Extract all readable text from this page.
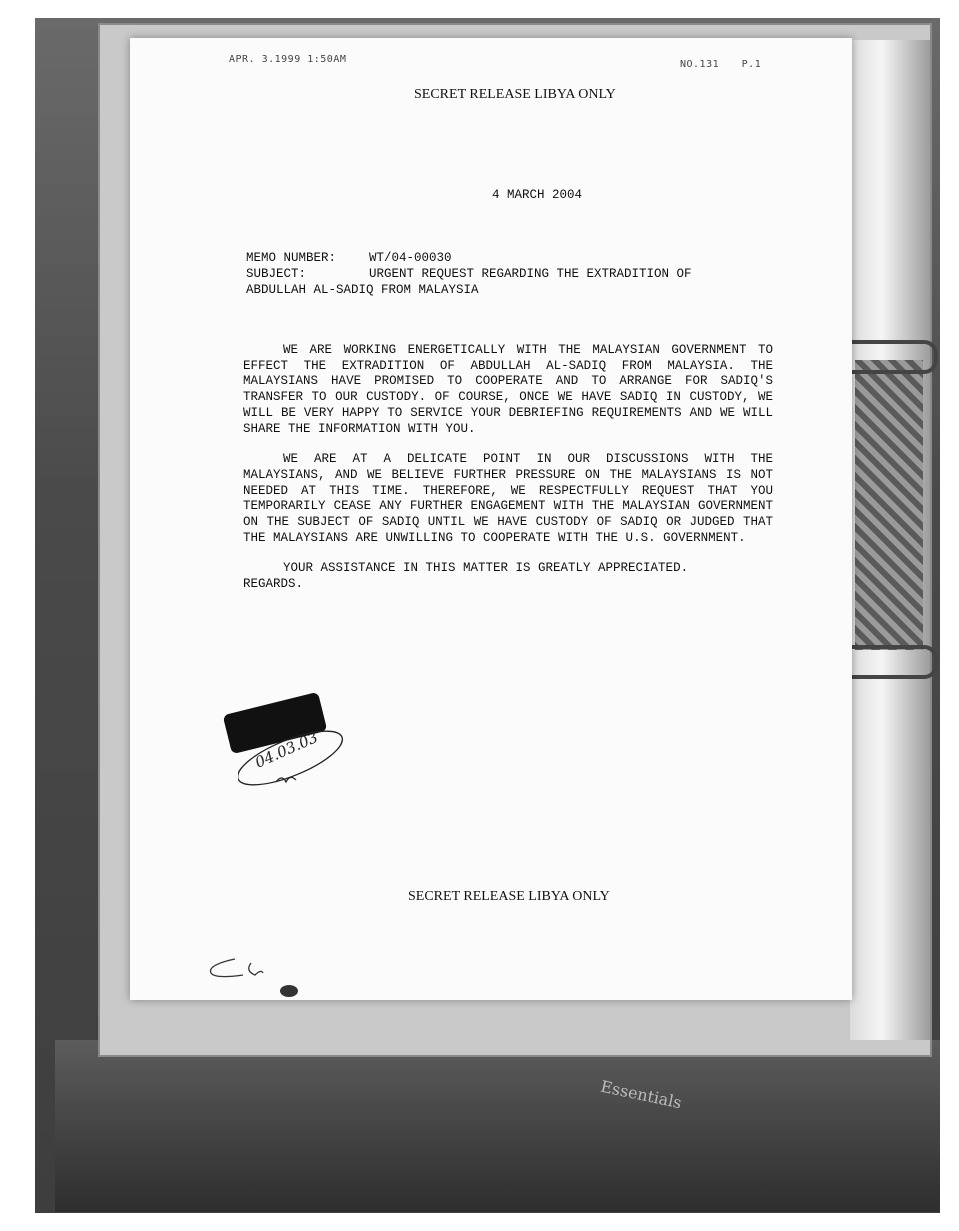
Essentials
APR. 3.1999 1:50AM	NO.131 P.1
SECRET RELEASE LIBYA ONLY
4 MARCH 2004
MEMO NUMBER:	WT/04-00030
SUBJECT:	URGENT REQUEST REGARDING THE EXTRADITION OF
ABDULLAH AL-SADIQ FROM MALAYSIA

WE ARE WORKING ENERGETICALLY WITH THE MALAYSIAN GOVERNMENT TO EFFECT THE EXTRADITION OF ABDULLAH AL-SADIQ FROM MALAYSIA. THE MALAYSIANS HAVE PROMISED TO COOPERATE AND TO ARRANGE FOR SADIQ'S TRANSFER TO OUR CUSTODY. OF COURSE, ONCE WE HAVE SADIQ IN CUSTODY, WE WILL BE VERY HAPPY TO SERVICE YOUR DEBRIEFING REQUIREMENTS AND WE WILL SHARE THE INFORMATION WITH YOU.

WE ARE AT A DELICATE POINT IN OUR DISCUSSIONS WITH THE MALAYSIANS, AND WE BELIEVE FURTHER PRESSURE ON THE MALAYSIANS IS NOT NEEDED AT THIS TIME. THEREFORE, WE RESPECTFULLY REQUEST THAT YOU TEMPORARILY CEASE ANY FURTHER ENGAGEMENT WITH THE MALAYSIAN GOVERNMENT ON THE SUBJECT OF SADIQ UNTIL WE HAVE CUSTODY OF SADIQ OR JUDGED THAT THE MALAYSIANS ARE UNWILLING TO COOPERATE WITH THE U.S. GOVERNMENT.

YOUR ASSISTANCE IN THIS MATTER IS GREATLY APPRECIATED.

REGARDS.
04.03.03
SECRET RELEASE LIBYA ONLY
